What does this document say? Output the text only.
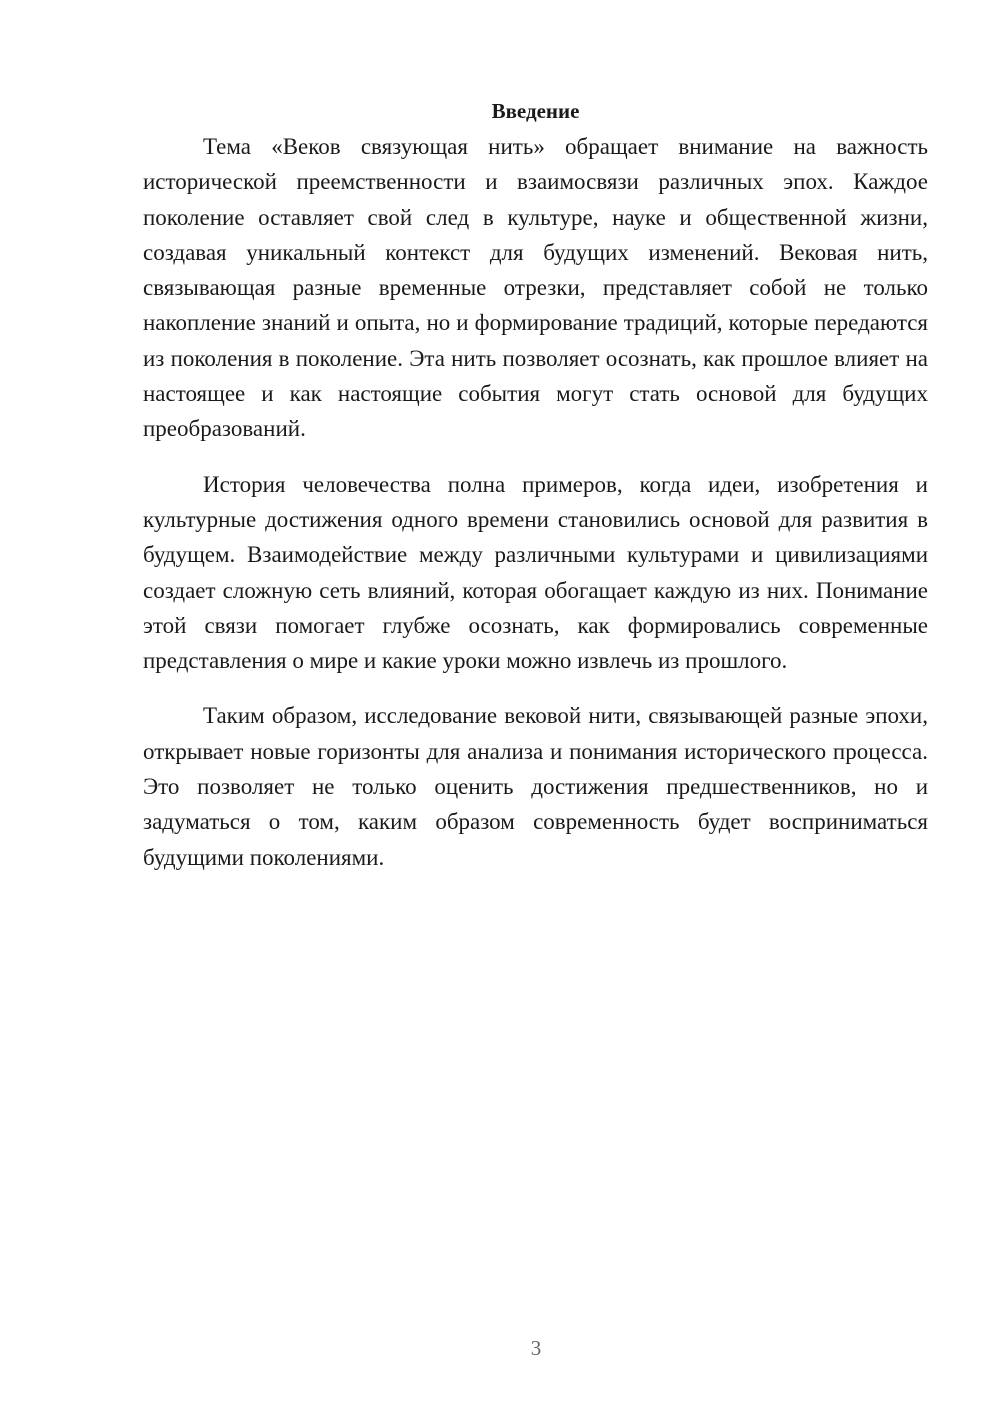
Введение

Тема «Веков связующая нить» обращает внимание на важность исторической преемственности и взаимосвязи различных эпох. Каждое поколение оставляет свой след в культуре, науке и общественной жизни, создавая уникальный контекст для будущих изменений. Вековая нить, связывающая разные временные отрезки, представляет собой не только накопление знаний и опыта, но и формирование традиций, которые передаются из поколения в поколение. Эта нить позволяет осознать, как прошлое влияет на настоящее и как настоящие события могут стать основой для будущих преобразований.

История человечества полна примеров, когда идеи, изобретения и культурные достижения одного времени становились основой для развития в будущем. Взаимодействие между различными культурами и цивилизациями создает сложную сеть влияний, которая обогащает каждую из них. Понимание этой связи помогает глубже осознать, как формировались современные представления о мире и какие уроки можно извлечь из прошлого.

Таким образом, исследование вековой нити, связывающей разные эпохи, открывает новые горизонты для анализа и понимания исторического процесса. Это позволяет не только оценить достижения предшественников, но и задуматься о том, каким образом современность будет восприниматься будущими поколениями.

3
